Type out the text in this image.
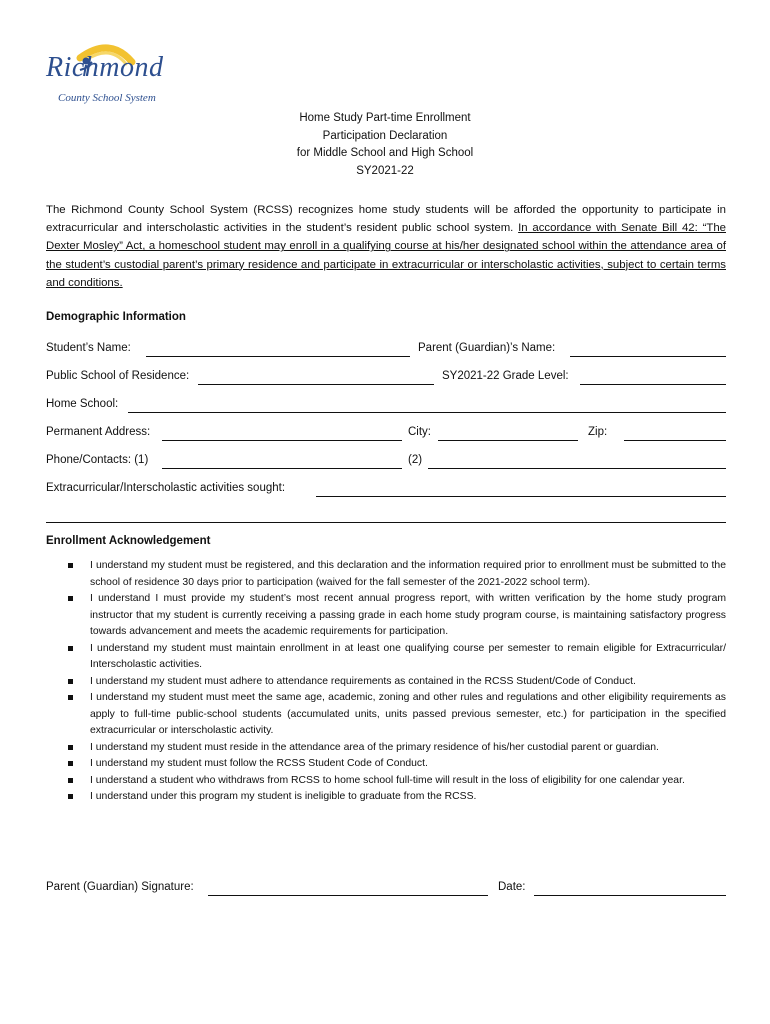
Richmond
County School System
Home Study Part-time Enrollment
Participation Declaration
for Middle School and High School
SY2021-22
The Richmond County School System (RCSS) recognizes home study students will be afforded the opportunity to participate in extracurricular and interscholastic activities in the student’s resident public school system. In accordance with Senate Bill 42: “The Dexter Mosley” Act, a homeschool student may enroll in a qualifying course at his/her designated school within the attendance area of the student’s custodial parent’s primary residence and participate in extracurricular or interscholastic activities, subject to certain terms and conditions.
Demographic Information
Student’s Name:	Parent (Guardian)’s Name:
Public School of Residence:	SY2021-22 Grade Level:
Home School:
Permanent Address:	City:	Zip:
Phone/Contacts: (1)	(2)
Extracurricular/Interscholastic activities sought:
Enrollment Acknowledgement
I understand my student must be registered, and this declaration and the information required prior to enrollment must be submitted to the school of residence 30 days prior to participation (waived for the fall semester of the 2021-2022 school term).
I understand I must provide my student’s most recent annual progress report, with written verification by the home study program instructor that my student is currently receiving a passing grade in each home study program course, is maintaining satisfactory progress towards advancement and meets the academic requirements for participation.
I understand my student must maintain enrollment in at least one qualifying course per semester to remain eligible for Extracurricular/ Interscholastic activities.
I understand my student must adhere to attendance requirements as contained in the RCSS Student/Code of Conduct.
I understand my student must meet the same age, academic, zoning and other rules and regulations and other eligibility requirements as apply to full-time public-school students (accumulated units, units passed previous semester, etc.) for participation in the specified extracurricular or interscholastic activity.
I understand my student must reside in the attendance area of the primary residence of his/her custodial parent or guardian.
I understand my student must follow the RCSS Student Code of Conduct.
I understand a student who withdraws from RCSS to home school full-time will result in the loss of eligibility for one calendar year.
I understand under this program my student is ineligible to graduate from the RCSS.
Parent (Guardian) Signature:	Date:
